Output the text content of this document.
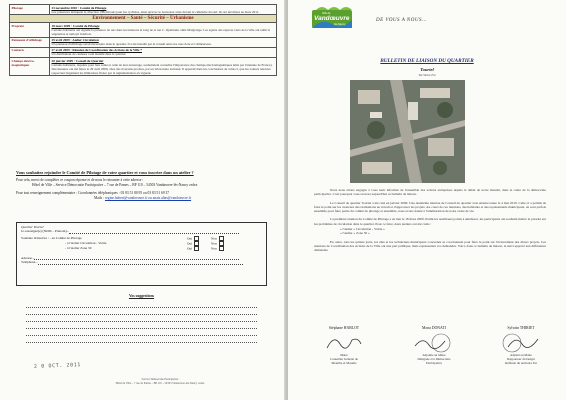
Pilotage	23 novembre 2010 : Comité de Pilotage
Les présences indiquent la direction d'Herlicourt pour les cyclistes, ainsi qu'avec le nouveaux aires devant le cimetière du sud. Ils ont été mises en mars 2011.

Environnement – Santé – Sécurité – Urbanisme	
Propreté	18 mars 2009 : Comité de Pilotage
Certains habitants ont signalé la présence de rats dans les buissons le long de la rue C. Opalinski, allée Malgrange. Les agents des espaces verts de la ville ont taillé la végétation et nettoyé l'endroit.

Panneaux d'affichage	29 avril 2009 : Atelier Circulation
Un panneau d'affichage serait nécessaire dans le quartier. Il a été installé par le conseil entre les rues Zola et Clémenceau.

Contacts	27 avril 2009 : Réunion de Coordination des Actions de la Ville *
Un distributeur de canisses a été installé dans le quartier.

Champs électro-magnétiques	20 janvier 2009 : Conseil de Quartier
Certains habitants, inquiets pour leur santé et celle de leur entourage, souhaitaient connaître l'importance des champs électromagnétiques émis par l'antenne de France). Des mesures ont été faites le 29 avril 2009, chez des riverains proches, par un laboratoire national. Il apparaît dans les conclusions de celui-ci, que les valeurs relevées respectent largement les limitations fixées par la réglementation en vigueur.
Vous souhaitez rejoindre le Comité de Pilotage de votre quartier et vous inscrire dans un atelier ?
Pour cela, merci de compléter ce coupon réponse et de nous le retourner à cette adresse :
Hôtel de Ville – Service Démocratie Participative – 7 rue de Pames – BP 110 – 54503 Vandœuvre-lès-Nancy cedex
Pour tout renseignement complémentaire : Coordonnées téléphoniques : 03 83 51 80 95 ou 03 83 51 69 37
Mails : regine.hubert@vandoeuvre.fr ou anais.alias@vandoeuvre.fr
Quartier Tourtel
Je soussigné(e) (NOM – Prénom)...
Souhaite m'inscrire : - au Comité de Pilotage	Oui	Non
- à l'atelier Circulation - Voirie	Oui	Non
- à l'atelier Zone 30	Oui	Non
Adresse...
Téléphone...
Vos suggestions
2 0 OCT. 2011
Service Démocratie Participative
Hôtel de Ville – 7 rue de Parme – BP 110 – 54503 Vandœuvre-lès-Nancy cedex
Ville de
Vandœuvre
lès-Nancy
DE VOUS A NOUS…
BULLETIN DE LIAISON DU QUARTIER
Tourtel
Territoire Est

Nous nous étions engagés à vous tenir informés de l'ensemble des actions entreprises depuis le début de notre mandat, dans le cadre de la démocratie participative. C'est pourquoi vous recevez aujourd'hui ce bulletin de liaison.

Le Conseil de quartier Tourtel a été créé en janvier 2009. Une deuxième réunion de Conseil de quartier s'est ensuite tenue le 4 mai 2010. Celle-ci a permis de faire le point sur les avancées des réalisations au travail et d'approuver les projets. Au cours de ces réunions, des habitants et des représentants municipaux, en sont parfois ensemble pour faire partie du comité de pilotage et ensemble, nous avons donné à l'amélioration de notre cadre de vie.

La première réunion du Comité de Pilotage a eu lieu le 18 mars 2009. Parmi les nombreux points à améliorer, les participants ont souhaité mettre la priorité sur les problèmes de circulation dans le quartier. Pour ce faire, deux ateliers ont été créés :

« l'atelier « Circulation - Voirie »
« l'atelier « Zone 30 »

En outre, tous les quinze jours, les élus et les techniciens municipaux concernés se coordonnent pour faire le point sur l'avancement des divers projets. Ces réunions de Coordination des Actions de la Ville ont une part publique, mais représentent vos demandes. Voici, dans ce bulletin de liaison, le suivi apporté aux différentes demandes.

Stéphane HABLOT
Maire
Conseiller Général de
Meurthe et Moselle
Mona DONATI
Adjointe au Maire
Déléguée à la Démocratie
Participative
Sylvain THIRIET
Adjoint au Maire
Rapporteur du budget
Référent du territoire Est
